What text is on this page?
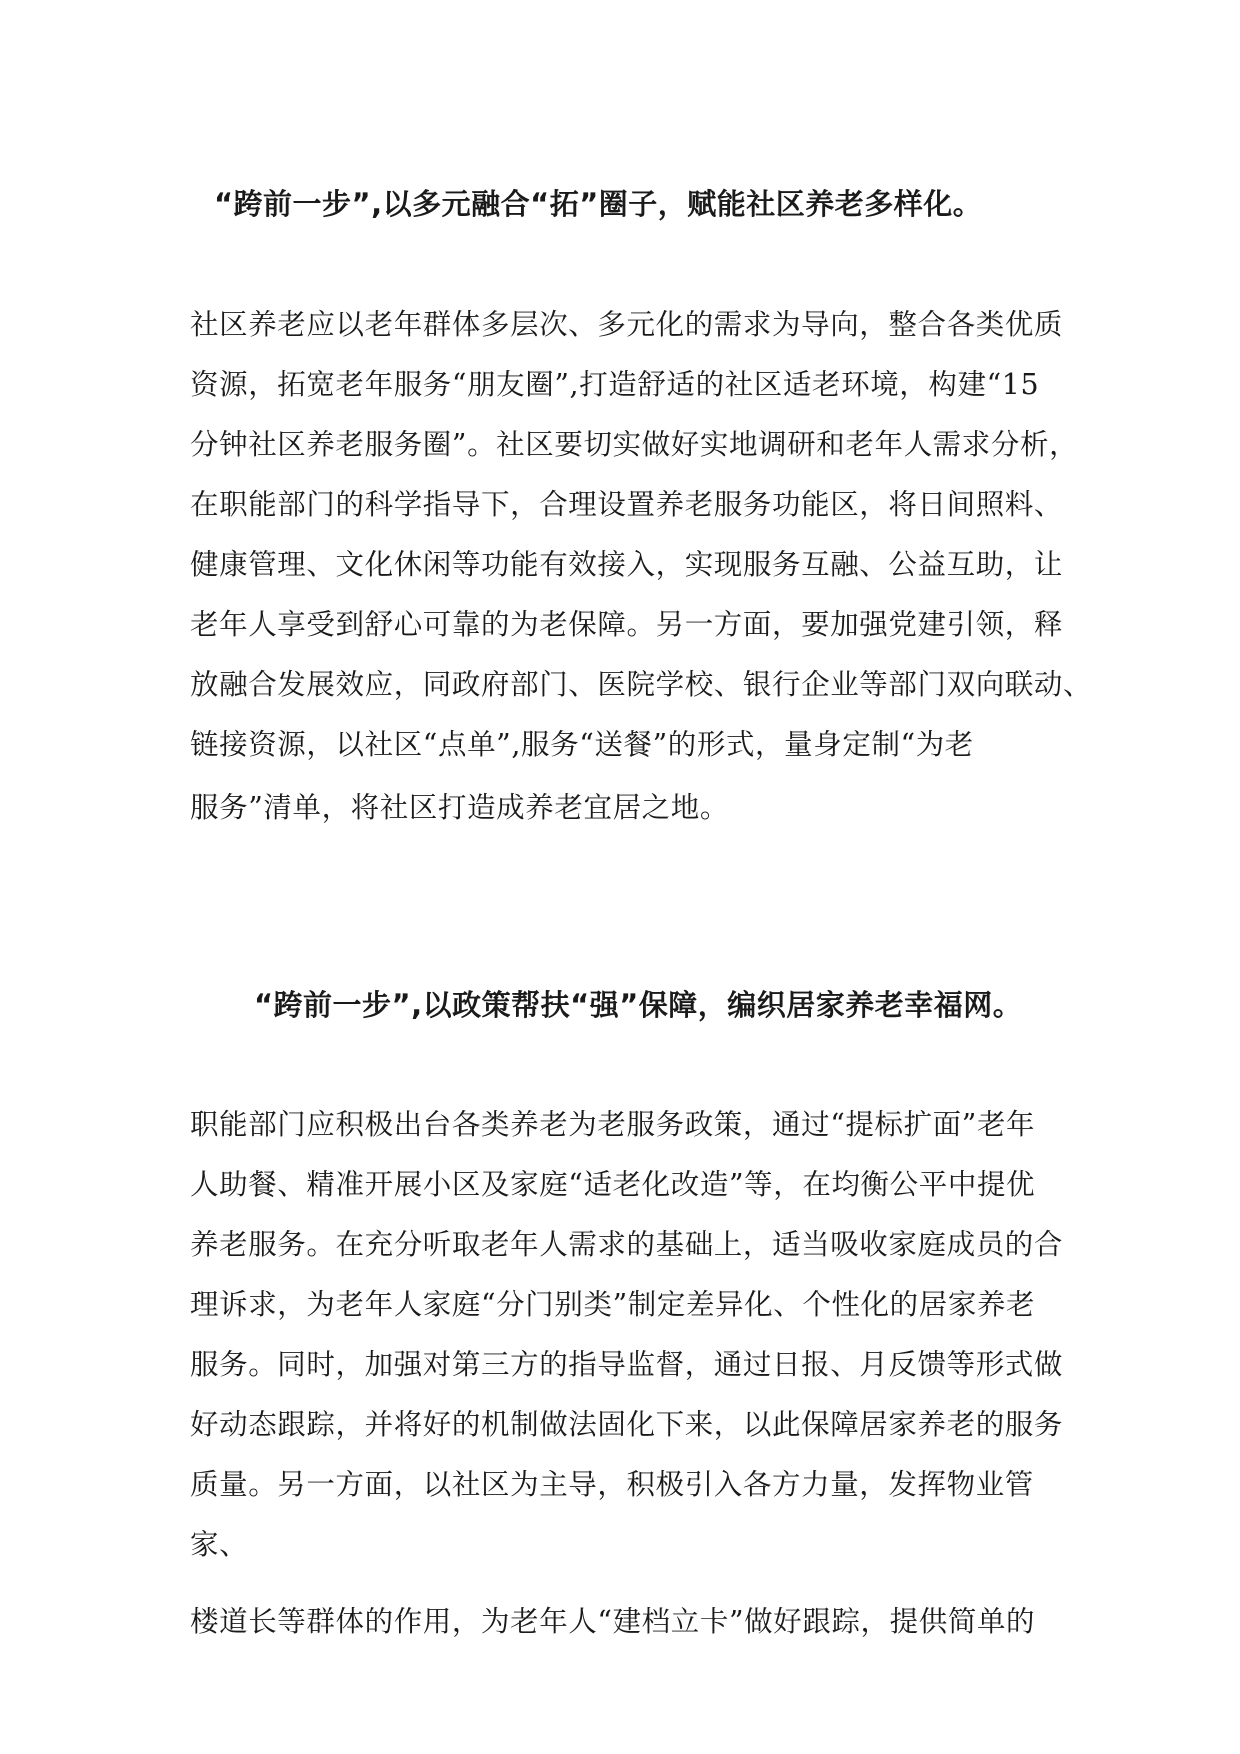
“跨前一步”,以多元融合“拓”圈子，赋能社区养老多样化。
社区养老应以老年群体多层次、多元化的需求为导向，整合各类优质
资源，拓宽老年服务“朋友圈”,打造舒适的社区适老环境，构建“15
分钟社区养老服务圈”。社区要切实做好实地调研和老年人需求分析，
在职能部门的科学指导下，合理设置养老服务功能区，将日间照料、
健康管理、文化休闲等功能有效接入，实现服务互融、公益互助，让
老年人享受到舒心可靠的为老保障。另一方面，要加强党建引领，释
放融合发展效应，同政府部门、医院学校、银行企业等部门双向联动、
链接资源，以社区“点单”,服务“送餐”的形式，量身定制“为老
服务”清单，将社区打造成养老宜居之地。
“跨前一步”,以政策帮扶“强”保障，编织居家养老幸福网。
职能部门应积极出台各类养老为老服务政策，通过“提标扩面”老年
人助餐、精准开展小区及家庭“适老化改造”等，在均衡公平中提优
养老服务。在充分听取老年人需求的基础上，适当吸收家庭成员的合
理诉求，为老年人家庭“分门别类”制定差异化、个性化的居家养老
服务。同时，加强对第三方的指导监督，通过日报、月反馈等形式做
好动态跟踪，并将好的机制做法固化下来，以此保障居家养老的服务
质量。另一方面，以社区为主导，积极引入各方力量，发挥物业管
家、
楼道长等群体的作用，为老年人“建档立卡”做好跟踪，提供简单的
